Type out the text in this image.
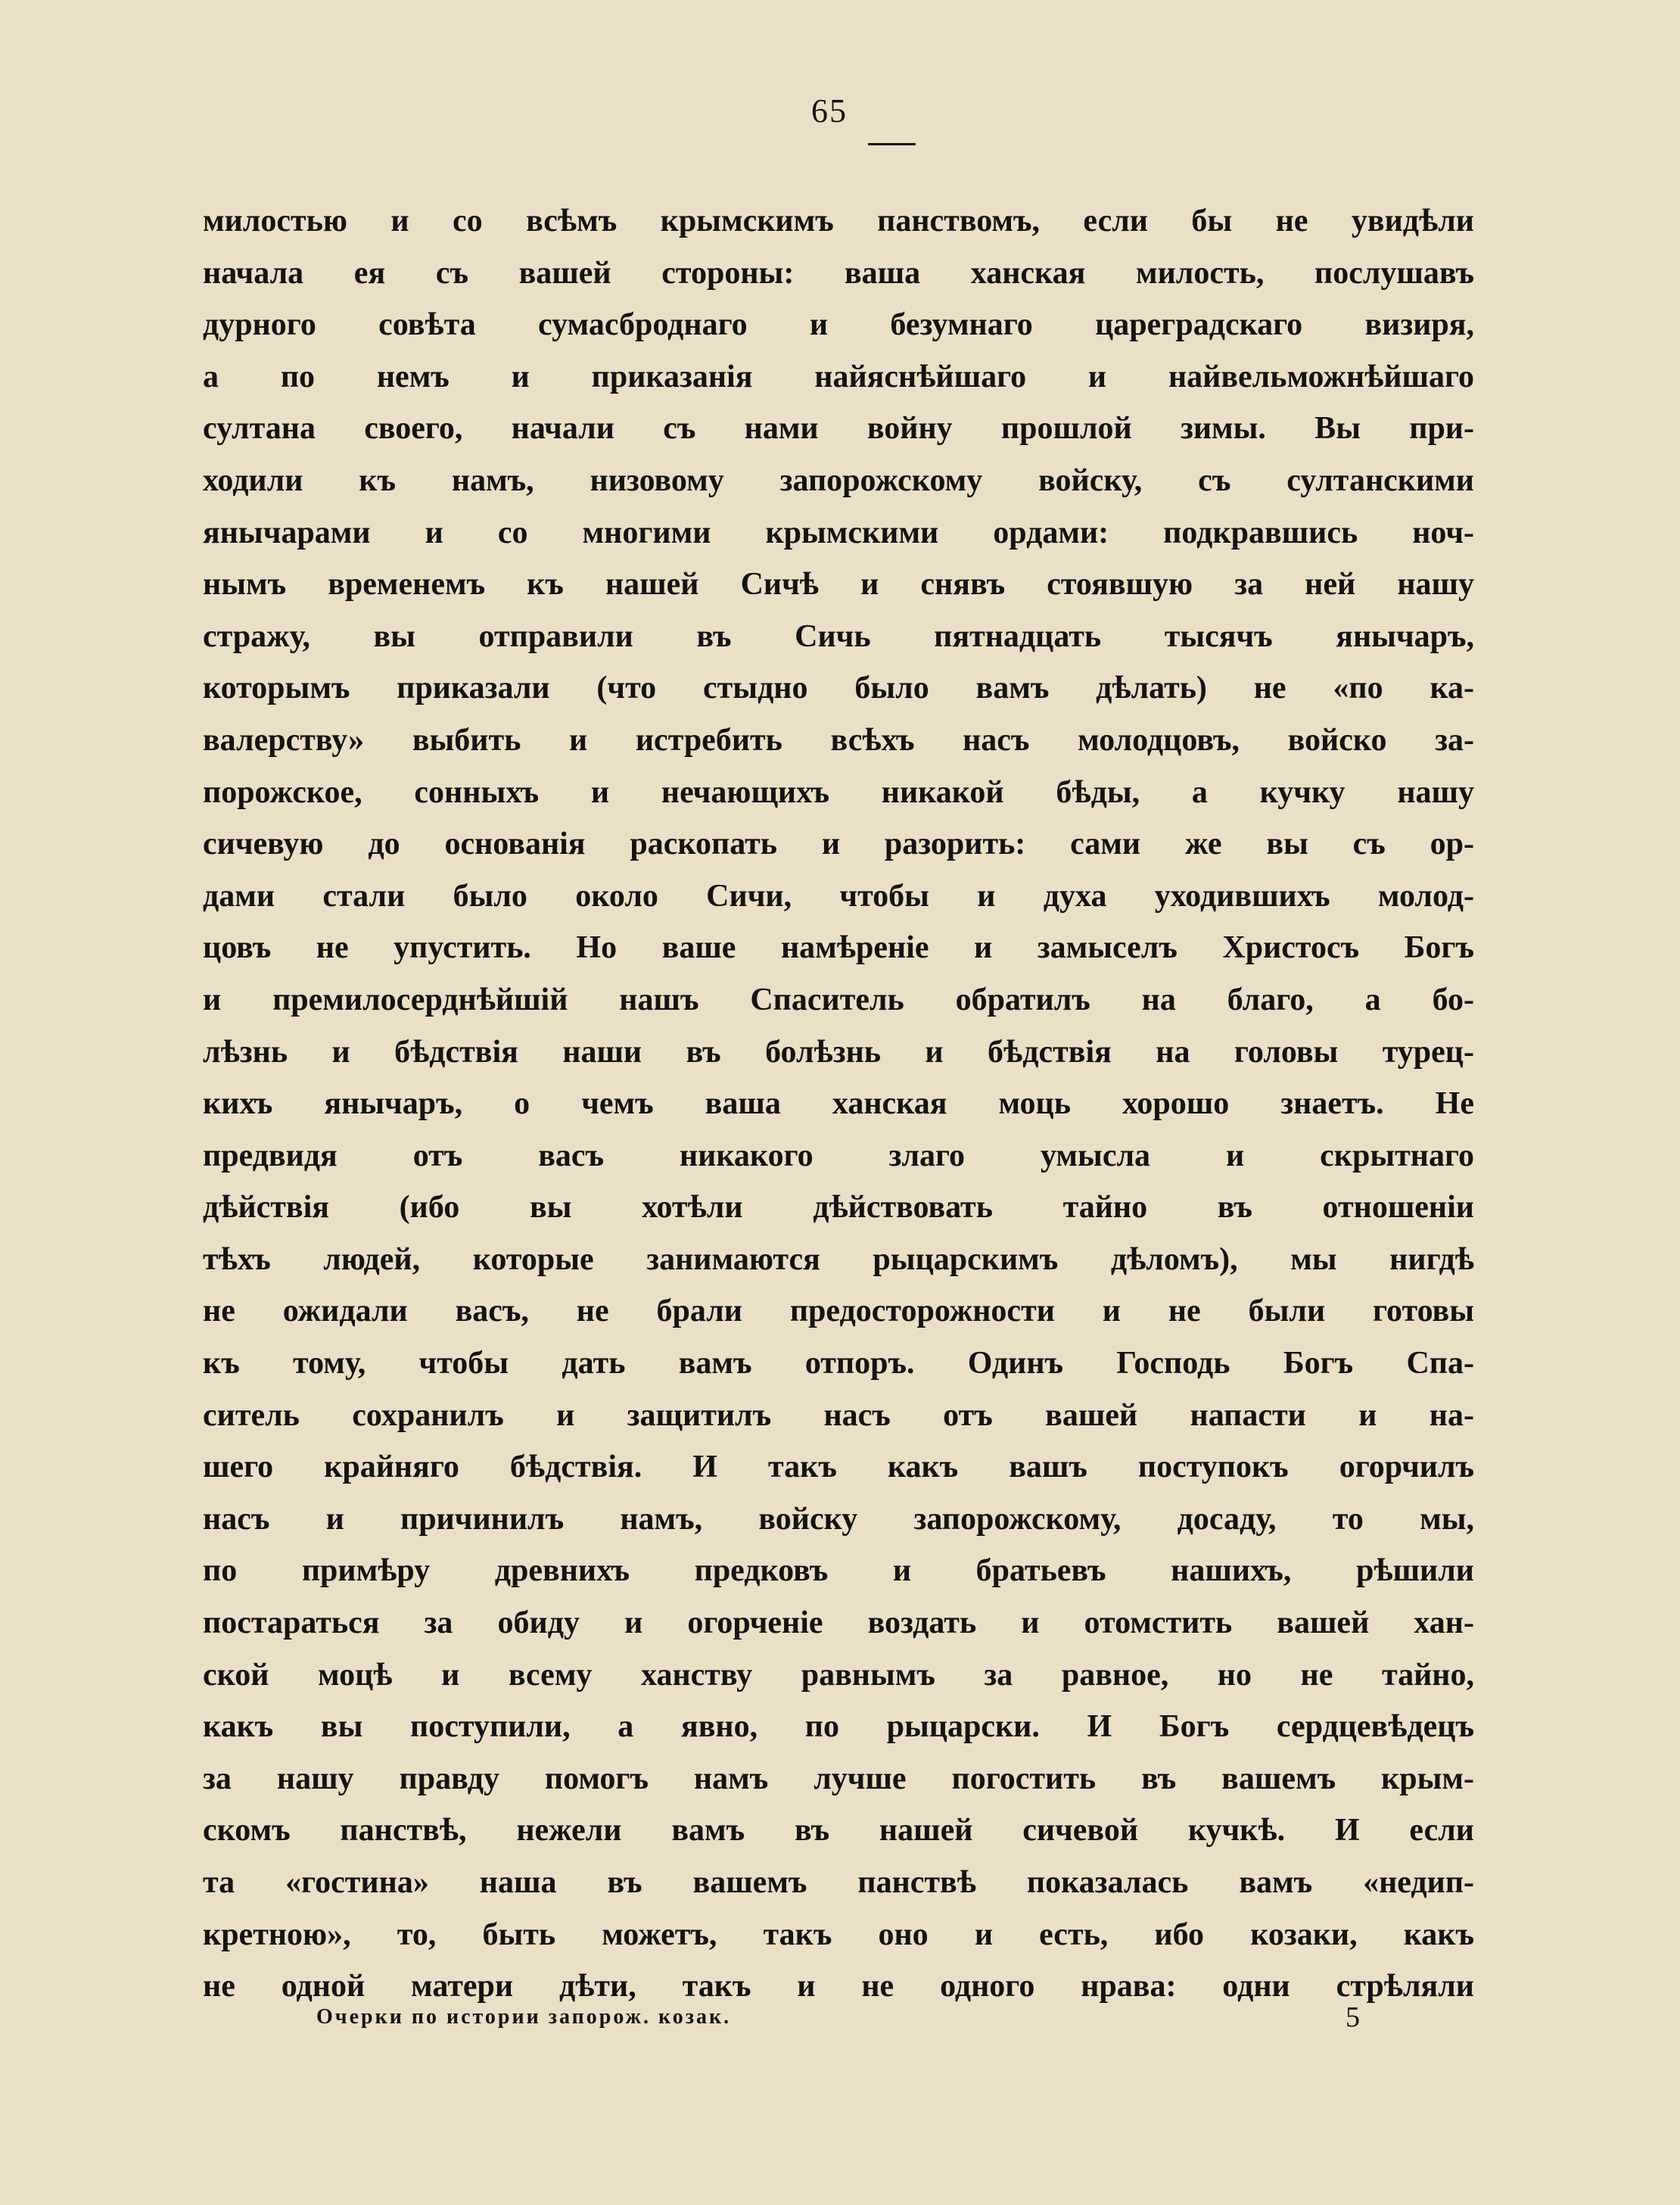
65
милостью и со всѣмъ крымскимъ панствомъ, если бы не увидѣли
начала ея съ вашей стороны: ваша ханская милость, послушавъ
дурного совѣта сумасброднаго и безумнаго цареградскаго визиря,
а по немъ и приказанія найяснѣйшаго и найвельможнѣйшаго
султана своего, начали съ нами войну прошлой зимы. Вы при-
ходили къ намъ, низовому запорожскому войску, съ султанскими
янычарами и со многими крымскими ордами: подкравшись ноч-
нымъ временемъ къ нашей Сичѣ и снявъ стоявшую за ней нашу
стражу, вы отправили въ Сичь пятнадцать тысячъ янычаръ,
которымъ приказали (что стыдно было вамъ дѣлать) не «по ка-
валерству» выбить и истребить всѣхъ насъ молодцовъ, войско за-
порожское, сонныхъ и нечающихъ никакой бѣды, а кучку нашу
сичевую до основанія раскопать и разорить: сами же вы съ ор-
дами стали было около Сичи, чтобы и духа уходившихъ молод-
цовъ не упустить. Но ваше намѣреніе и замыселъ Христосъ Богъ
и премилосерднѣйшій нашъ Спаситель обратилъ на благо, а бо-
лѣзнь и бѣдствія наши въ болѣзнь и бѣдствія на головы турец-
кихъ янычаръ, о чемъ ваша ханская моць хорошо знаетъ. Не
предвидя отъ васъ никакого злаго умысла и скрытнаго
дѣйствія (ибо вы хотѣли дѣйствовать тайно въ отношеніи
тѣхъ людей, которые занимаются рыцарскимъ дѣломъ), мы нигдѣ
не ожидали васъ, не брали предосторожности и не были готовы
къ тому, чтобы дать вамъ отпоръ. Одинъ Господь Богъ Спа-
ситель сохранилъ и защитилъ насъ отъ вашей напасти и на-
шего крайняго бѣдствія. И такъ какъ вашъ поступокъ огорчилъ
насъ и причинилъ намъ, войску запорожскому, досаду, то мы,
по примѣру древнихъ предковъ и братьевъ нашихъ, рѣшили
постараться за обиду и огорченіе воздать и отомстить вашей хан-
ской моцѣ и всему ханству равнымъ за равное, но не тайно,
какъ вы поступили, а явно, по рыцарски. И Богъ сердцевѣдецъ
за нашу правду помогъ намъ лучше погостить въ вашемъ крым-
скомъ панствѣ, нежели вамъ въ нашей сичевой кучкѣ. И если
та «гостина» наша въ вашемъ панствѣ показалась вамъ «недип-
кретною», то, быть можетъ, такъ оно и есть, ибо козаки, какъ
не одной матери дѣти, такъ и не одного нрава: одни стрѣляли
Очерки по истории запорож. козак.	5
